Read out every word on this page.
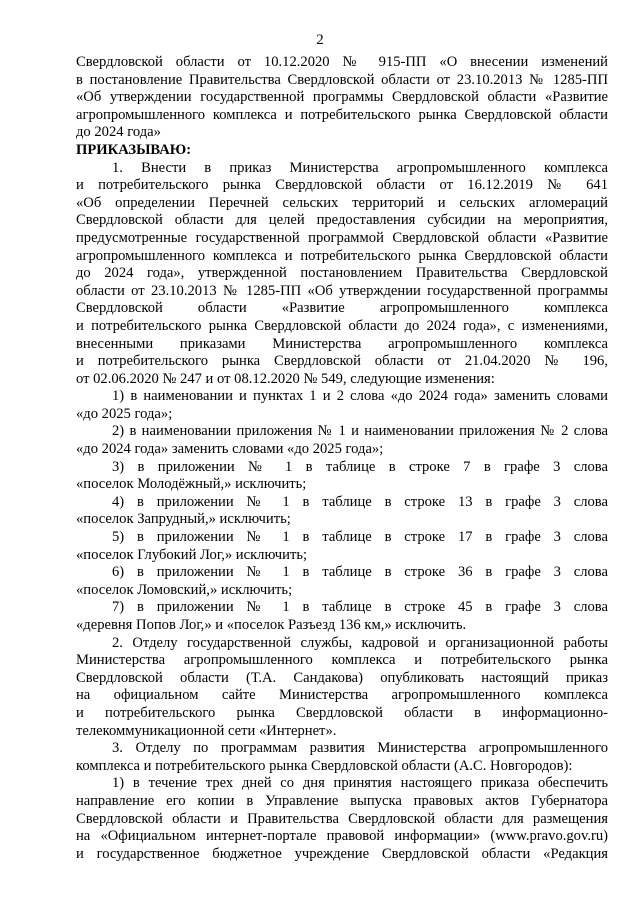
2
Свердловской области от 10.12.2020 № 915-ПП «О внесении изменений
в постановление Правительства Свердловской области от 23.10.2013 № 1285-ПП
«Об утверждении государственной программы Свердловской области «Развитие
агропромышленного комплекса и потребительского рынка Свердловской области
до 2024 года»
ПРИКАЗЫВАЮ:
1. Внести в приказ Министерства агропромышленного комплекса
и потребительского рынка Свердловской области от 16.12.2019 № 641
«Об определении Перечней сельских территорий и сельских агломераций
Свердловской области для целей предоставления субсидии на мероприятия,
предусмотренные государственной программой Свердловской области «Развитие
агропромышленного комплекса и потребительского рынка Свердловской области
до 2024 года», утвержденной постановлением Правительства Свердловской
области от 23.10.2013 № 1285-ПП «Об утверждении государственной программы
Свердловской области «Развитие агропромышленного комплекса
и потребительского рынка Свердловской области до 2024 года», с изменениями,
внесенными приказами Министерства агропромышленного комплекса
и потребительского рынка Свердловской области от 21.04.2020 № 196,
от 02.06.2020 № 247 и от 08.12.2020 № 549, следующие изменения:
1) в наименовании и пунктах 1 и 2 слова «до 2024 года» заменить словами
«до 2025 года»;
2) в наименовании приложения № 1 и наименовании приложения № 2 слова
«до 2024 года» заменить словами «до 2025 года»;
3) в приложении № 1 в таблице в строке 7 в графе 3 слова
«поселок Молодёжный,» исключить;
4) в приложении № 1 в таблице в строке 13 в графе 3 слова
«поселок Запрудный,» исключить;
5) в приложении № 1 в таблице в строке 17 в графе 3 слова
«поселок Глубокий Лог,» исключить;
6) в приложении № 1 в таблице в строке 36 в графе 3 слова
«поселок Ломовский,» исключить;
7) в приложении № 1 в таблице в строке 45 в графе 3 слова
«деревня Попов Лог,» и «поселок Разъезд 136 км,» исключить.
2. Отделу государственной службы, кадровой и организационной работы
Министерства агропромышленного комплекса и потребительского рынка
Свердловской области (Т.А. Сандакова) опубликовать настоящий приказ
на официальном сайте Министерства агропромышленного комплекса
и потребительского рынка Свердловской области в информационно-
телекоммуникационной сети «Интернет».
3. Отделу по программам развития Министерства агропромышленного
комплекса и потребительского рынка Свердловской области (А.С. Новгородов):
1) в течение трех дней со дня принятия настоящего приказа обеспечить
направление его копии в Управление выпуска правовых актов Губернатора
Свердловской области и Правительства Свердловской области для размещения
на «Официальном интернет-портале правовой информации» (www.pravo.gov.ru)
и государственное бюджетное учреждение Свердловской области «Редакция
